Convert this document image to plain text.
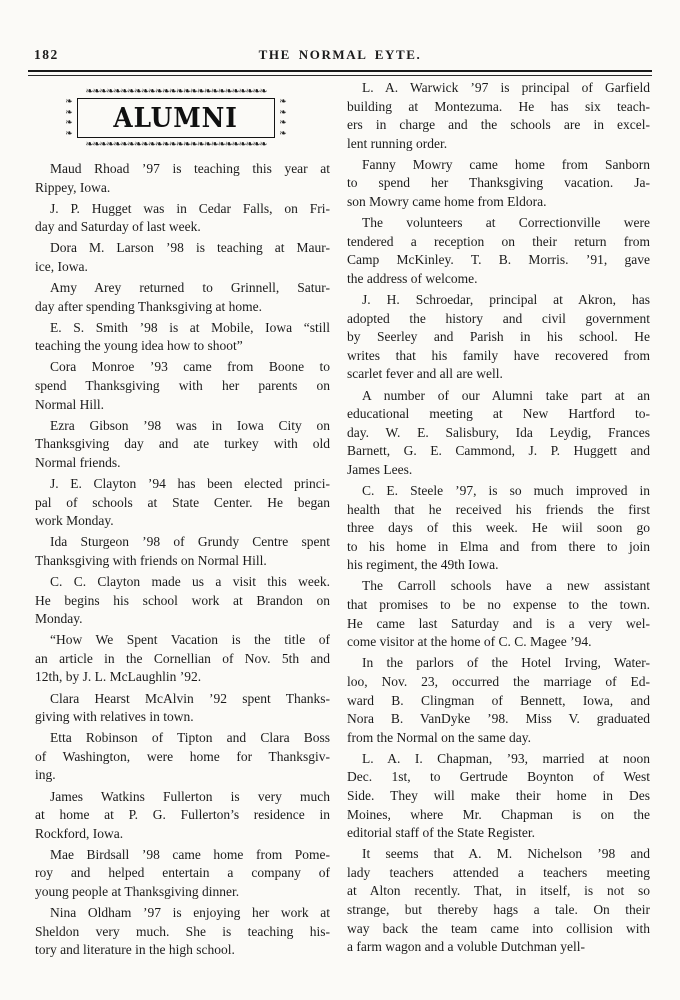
182	THE NORMAL EYTE.
❧❧❧❧❧❧❧❧❧❧❧❧❧❧❧❧❧❧❧❧❧❧❧❧❧❧
❧
❧
❧
❧
ALUMNI
❧
❧
❧
❧
❧❧❧❧❧❧❧❧❧❧❧❧❧❧❧❧❧❧❧❧❧❧❧❧❧❧
Maud Rhoad ’97 is teaching this year at
Rippey, Iowa.
J. P. Hugget was in Cedar Falls, on Fri-
day and Saturday of last week.
Dora M. Larson ’98 is teaching at Maur-
ice, Iowa.
Amy Arey returned to Grinnell, Satur-
day after spending Thanksgiving at home.
E. S. Smith ’98 is at Mobile, Iowa “still
teaching the young idea how to shoot”
Cora Monroe ’93 came from Boone to
spend Thanksgiving with her parents on
Normal Hill.
Ezra Gibson ’98 was in Iowa City on
Thanksgiving day and ate turkey with old
Normal friends.
J. E. Clayton ’94 has been elected princi-
pal of schools at State Center. He began
work Monday.
Ida Sturgeon ’98 of Grundy Centre spent
Thanksgiving with friends on Normal Hill.
C. C. Clayton made us a visit this week.
He begins his school work at Brandon on
Monday.
“How We Spent Vacation is the title of
an article in the Cornellian of Nov. 5th and
12th, by J. L. McLaughlin ’92.
Clara Hearst McAlvin ’92 spent Thanks-
giving with relatives in town.
Etta Robinson of Tipton and Clara Boss
of Washington, were home for Thanksgiv-
ing.
James Watkins Fullerton is very much
at home at P. G. Fullerton’s residence in
Rockford, Iowa.
Mae Birdsall ’98 came home from Pome-
roy and helped entertain a company of
young people at Thanksgiving dinner.
Nina Oldham ’97 is enjoying her work at
Sheldon very much. She is teaching his-
tory and literature in the high school.
L. A. Warwick ’97 is principal of Garfield
building at Montezuma. He has six teach-
ers in charge and the schools are in excel-
lent running order.
Fanny Mowry came home from Sanborn
to spend her Thanksgiving vacation. Ja-
son Mowry came home from Eldora.
The volunteers at Correctionville were
tendered a reception on their return from
Camp McKinley. T. B. Morris. ’91, gave
the address of welcome.
J. H. Schroedar, principal at Akron, has
adopted the history and civil government
by Seerley and Parish in his school. He
writes that his family have recovered from
scarlet fever and all are well.
A number of our Alumni take part at an
educational meeting at New Hartford to-
day. W. E. Salisbury, Ida Leydig, Frances
Barnett, G. E. Cammond, J. P. Huggett and
James Lees.
C. E. Steele ’97, is so much improved in
health that he received his friends the first
three days of this week. He wiil soon go
to his home in Elma and from there to join
his regiment, the 49th Iowa.
The Carroll schools have a new assistant
that promises to be no expense to the town.
He came last Saturday and is a very wel-
come visitor at the home of C. C. Magee ’94.
In the parlors of the Hotel Irving, Water-
loo, Nov. 23, occurred the marriage of Ed-
ward B. Clingman of Bennett, Iowa, and
Nora B. VanDyke ’98. Miss V. graduated
from the Normal on the same day.
L. A. I. Chapman, ’93, married at noon
Dec. 1st, to Gertrude Boynton of West
Side. They will make their home in Des
Moines, where Mr. Chapman is on the
editorial staff of the State Register.
It seems that A. M. Nichelson ’98 and
lady teachers attended a teachers meeting
at Alton recently. That, in itself, is not so
strange, but thereby hags a tale. On their
way back the team came into collision with
a farm wagon and a voluble Dutchman yell-
